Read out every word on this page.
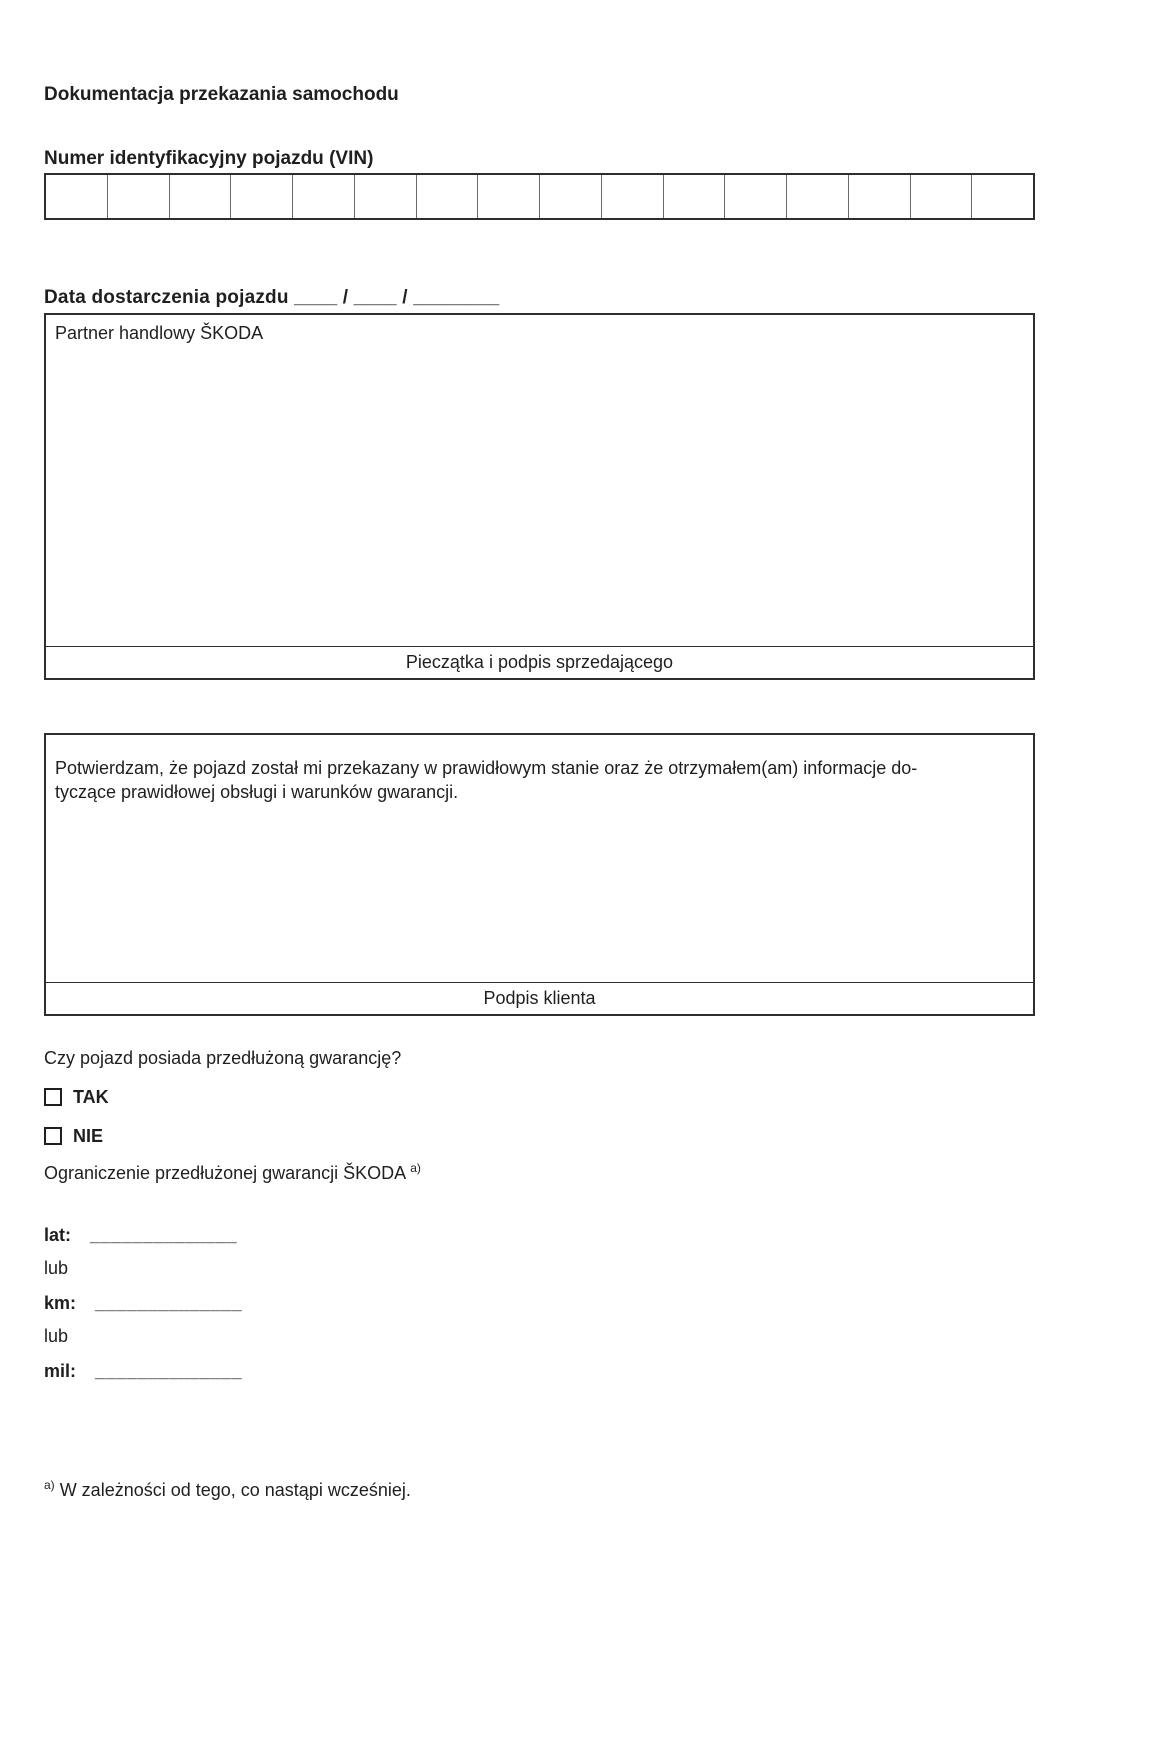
Dokumentacja przekazania samochodu
Numer identyfikacyjny pojazdu (VIN)
Data dostarczenia pojazdu ____ / ____ / ________
Partner handlowy ŠKODA
Pieczątka i podpis sprzedającego
Potwierdzam, że pojazd został mi przekazany w prawidłowym stanie oraz że otrzymałem(am) informacje do-
tyczące prawidłowej obsługi i warunków gwarancji.
Podpis klienta
Czy pojazd posiada przedłużoną gwarancję?
TAK
NIE
Ograniczenie przedłużonej gwarancji ŠKODA $^{a)}$
lat: ______________
lub
km: ______________
lub
mil: ______________
$^{a)}$ W zależności od tego, co nastąpi wcześniej.
